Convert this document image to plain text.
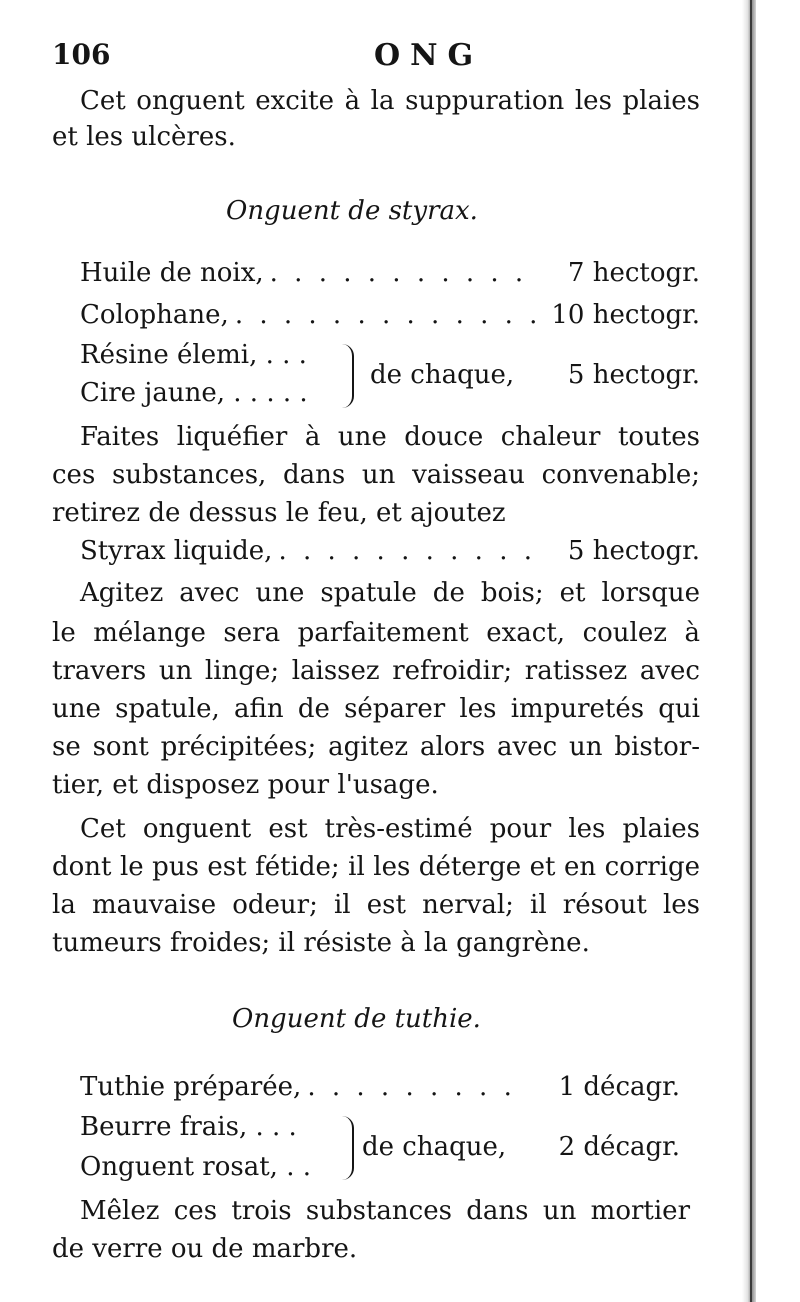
106	ONG
Cet onguent excite à la suppuration les plaies
et les ulcères.
Onguent de styrax.
Huile de noix, . . . . . . . . . . .	7 hectogr.
Colophane, . . . . . . . . . . . . . 10 hectogr.
Résine élemi, . . .
Cire jaune, . . . . .
de chaque, 5 hectogr.
Faites liquéfier à une douce chaleur toutes
ces substances, dans un vaisseau convenable;
retirez de dessus le feu, et ajoutez
Styrax liquide, . . . . . . . . . . .	5 hectogr.
Agitez avec une spatule de bois; et lorsque
le mélange sera parfaitement exact, coulez à
travers un linge; laissez refroidir; ratissez avec
une spatule, afin de séparer les impuretés qui
se sont précipitées; agitez alors avec un bistor-
tier, et disposez pour l'usage.
Cet onguent est très-estimé pour les plaies
dont le pus est fétide; il les déterge et en corrige
la mauvaise odeur; il est nerval; il résout les
tumeurs froides; il résiste à la gangrène.
Onguent de tuthie.
Tuthie préparée, . . . . . . . . .	1 décagr.
Beurre frais, . . .
Onguent rosat, . .
de chaque, 2 décagr.
Mêlez ces trois substances dans un mortier
de verre ou de marbre.
